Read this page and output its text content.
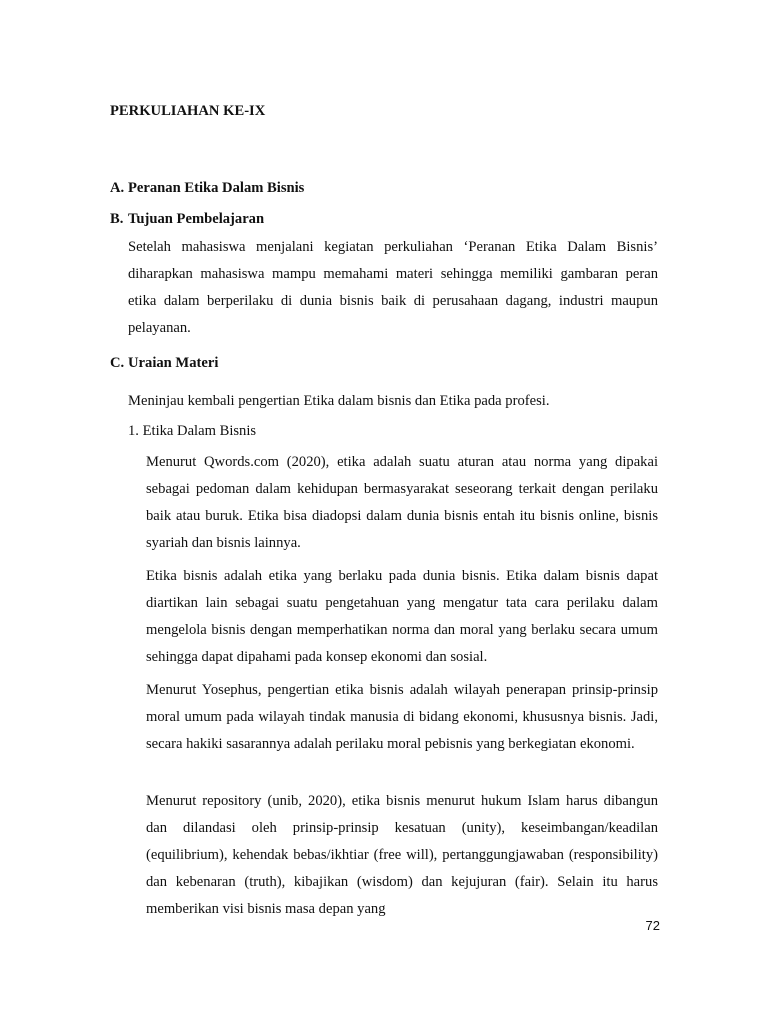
PERKULIAHAN KE-IX
A. Peranan Etika Dalam Bisnis
B. Tujuan Pembelajaran

Setelah mahasiswa menjalani kegiatan perkuliahan ‘Peranan Etika Dalam Bisnis’ diharapkan mahasiswa mampu memahami materi sehingga memiliki gambaran peran etika dalam berperilaku di dunia bisnis baik di perusahaan dagang, industri maupun pelayanan.

C. Uraian Materi

Meninjau kembali pengertian Etika dalam bisnis dan Etika pada profesi.

1. Etika Dalam Bisnis

Menurut Qwords.com (2020), etika adalah suatu aturan atau norma yang dipakai sebagai pedoman dalam kehidupan bermasyarakat seseorang terkait dengan perilaku baik atau buruk. Etika bisa diadopsi dalam dunia bisnis entah itu bisnis online, bisnis syariah dan bisnis lainnya.

Etika bisnis adalah etika yang berlaku pada dunia bisnis. Etika dalam bisnis dapat diartikan lain sebagai suatu pengetahuan yang mengatur tata cara perilaku dalam mengelola bisnis dengan memperhatikan norma dan moral yang berlaku secara umum sehingga dapat dipahami pada konsep ekonomi dan sosial.

Menurut Yosephus, pengertian etika bisnis adalah wilayah penerapan prinsip-prinsip moral umum pada wilayah tindak manusia di bidang ekonomi, khususnya bisnis. Jadi, secara hakiki sasarannya adalah perilaku moral pebisnis yang berkegiatan ekonomi.

Menurut repository (unib, 2020), etika bisnis menurut hukum Islam harus dibangun dan dilandasi oleh prinsip-prinsip kesatuan (unity), keseimbangan/keadilan (equilibrium), kehendak bebas/ikhtiar (free will), pertanggungjawaban (responsibility) dan kebenaran (truth), kibajikan (wisdom) dan kejujuran (fair). Selain itu harus memberikan visi bisnis masa depan yang

72
